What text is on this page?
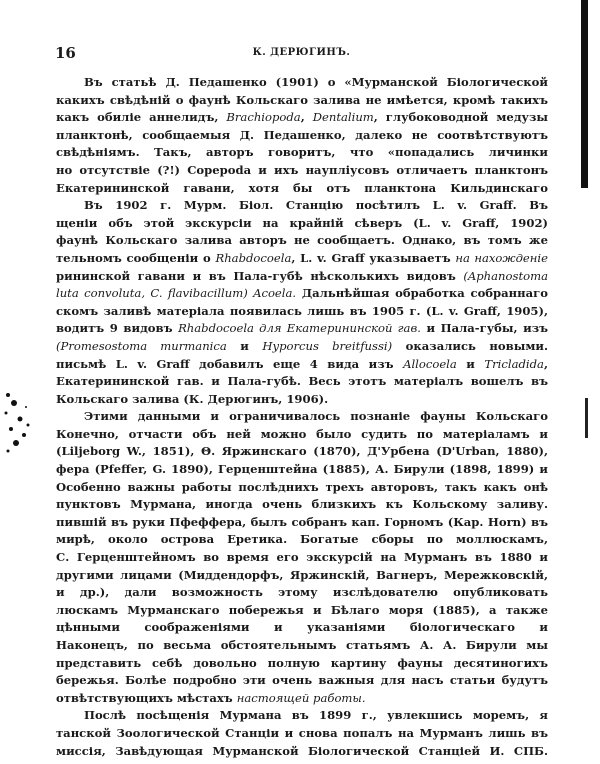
16	К. ДЕРЮГИНЪ.
Въ статьѣ Д. Педашенко (1901) о «Мурманской Біологической
какихъ свѣдѣній о фаунѣ Кольскаго залива не имѣется, кромѣ такихъ
какъ обиліе аннелидъ, Brachiopoda, Dentalium, глубоководной медузы
планктонѣ, сообщаемыя Д. Педашенко, далеко не соотвѣтствуютъ
свѣдѣніямъ. Такъ, авторъ говоритъ, что «попадались личинки
но отсутствіе (?!) Copepoda и ихъ науплiусовъ отличаетъ планктонъ
Екатерининской гавани, хотя бы отъ планктона Кильдинскаго
Въ 1902 г. Мурм. Біол. Станцію посѣтилъ L. v. Graff. Въ
щеніи объ этой экскурсіи на крайній сѣверъ (L. v. Graff, 1902)
фаунѣ Кольскаго залива авторъ не сообщаетъ. Однако, въ томъ же
тельномъ сообщеніи о Rhabdocoela, L. v. Graff указываетъ на нахожденіе
рининской гавани и въ Пала-губѣ нѣсколькихъ видовъ (Aphanostoma
luta convoluta, C. flavibacillum) Acoela. Дальнѣйшая обработка собраннаго
скомъ заливѣ матеріала появилась лишь въ 1905 г. (L. v. Graff, 1905),
водитъ 9 видовъ Rhabdocoela для Екатерининской гав. и Пала-губы, изъ
(Promesostoma murmanica и Hyporcus breitfussi) оказались новыми.
письмѣ L. v. Graff добавилъ еще 4 вида изъ Allocoela и Tricladida,
Екатерининской гав. и Пала-губѣ. Весь этотъ матеріалъ вошелъ въ
Кольскаго залива (К. Дерюгинъ, 1906).
Этими данными и ограничивалось познаніе фауны Кольскаго
Конечно, отчасти объ ней можно было судить по матеріаламъ и
(Liljeborg W., 1851), Θ. Яржинскаго (1870), Д'Урбена (D'Urban, 1880),
фера (Pfeffer, G. 1890), Герценштейна (1885), А. Бирули (1898, 1899) и
Особенно важны работы послѣднихъ трехъ авторовъ, такъ какъ онѣ
пунктовъ Мурмана, иногда очень близкихъ къ Кольскому заливу.
пившій въ руки Пфеффера, былъ собранъ кап. Горномъ (Кар. Horn) въ
мирѣ, около острова Еретика. Богатые сборы по моллюскамъ,
С. Герценштейномъ во время его экскурсій на Мурманъ въ 1880 и
другими лицами (Миддендорфъ, Яржинскій, Вагнеръ, Мережковскій,
и др.), дали возможность этому изслѣдователю опубликовать
люскамъ Мурманскаго побережья и Бѣлаго моря (1885), а также
цѣнными соображеніями и указаніями біологическаго и
Наконецъ, по весьма обстоятельнымъ статьямъ А. А. Бирули мы
представить себѣ довольно полную картину фауны десятиногихъ
бережья. Болѣе подробно эти очень важныя для насъ статьи будутъ
отвѣтствующихъ мѣстахъ настоящей работы.
Послѣ посѣщенія Мурмана въ 1899 г., увлекшись моремъ, я
танской Зоологической Станціи и снова попалъ на Мурманъ лишь въ
миссія, Завѣдующая Мурманской Біологической Станціей И. СПБ.
